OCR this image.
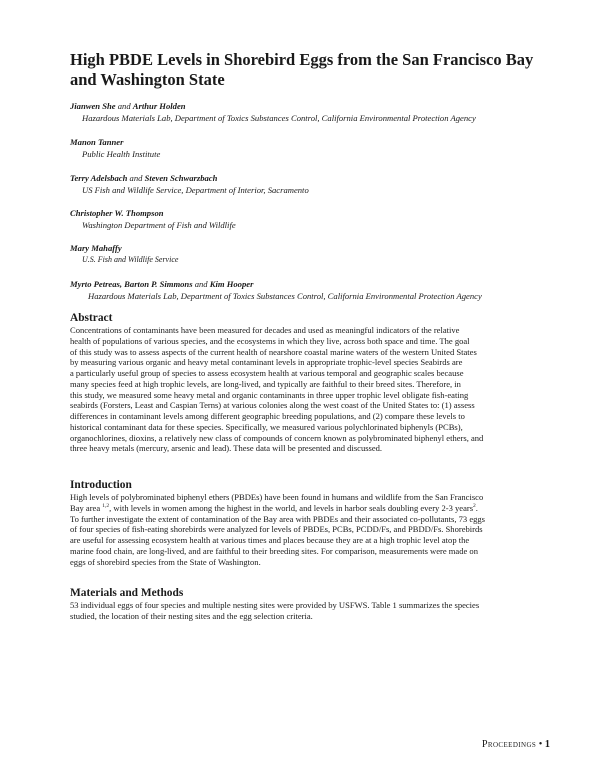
High PBDE Levels in Shorebird Eggs from the San Francisco Bay
and Washington State
Jianwen She and Arthur Holden
Hazardous Materials Lab, Department of Toxics Substances Control, California Environmental Protection Agency
Manon Tanner
Public Health Institute
Terry Adelsbach and Steven Schwarzbach
US Fish and Wildlife Service, Department of Interior, Sacramento
Christopher W. Thompson
Washington Department of Fish and Wildlife
Mary Mahaffy
U.S. Fish and Wildlife Service
Myrto Petreas, Barton P. Simmons and Kim Hooper
Hazardous Materials Lab, Department of Toxics Substances Control, California Environmental Protection Agency
Abstract
Concentrations of contaminants have been measured for decades and used as meaningful indicators of the relative
health of populations of various species, and the ecosystems in which they live, across both space and time. The goal
of this study was to assess aspects of the current health of nearshore coastal marine waters of the western United States
by measuring various organic and heavy metal contaminant levels in appropriate trophic-level species Seabirds are
a particularly useful group of species to assess ecosystem health at various temporal and geographic scales because
many species feed at high trophic levels, are long-lived, and typically are faithful to their breed sites. Therefore, in
this study, we measured some heavy metal and organic contaminants in three upper trophic level obligate fish-eating
seabirds (Forsters, Least and Caspian Terns) at various colonies along the west coast of the United States to: (1) assess
differences in contaminant levels among different geographic breeding populations, and (2) compare these levels to
historical contaminant data for these species. Specifically, we measured various polychlorinated biphenyls (PCBs),
organochlorines, dioxins, a relatively new class of compounds of concern known as polybrominated biphenyl ethers, and
three heavy metals (mercury, arsenic and lead). These data will be presented and discussed.
Introduction
High levels of polybrominated biphenyl ethers (PBDEs) have been found in humans and wildlife from the San Francisco
Bay area $^{1,2}$, with levels in women among the highest in the world, and levels in harbor seals doubling every 2-3 years$^2$.
To further investigate the extent of contamination of the Bay area with PBDEs and their associated co-pollutants, 73 eggs
of four species of fish-eating shorebirds were analyzed for levels of PBDEs, PCBs, PCDD/Fs, and PBDD/Fs. Shorebirds
are useful for assessing ecosystem health at various times and places because they are at a high trophic level atop the
marine food chain, are long-lived, and are faithful to their breeding sites. For comparison, measurements were made on
eggs of shorebird species from the State of Washington.
Materials and Methods
53 individual eggs of four species and multiple nesting sites were provided by USFWS. Table 1 summarizes the species
studied, the location of their nesting sites and the egg selection criteria.
Proceedings • 1
